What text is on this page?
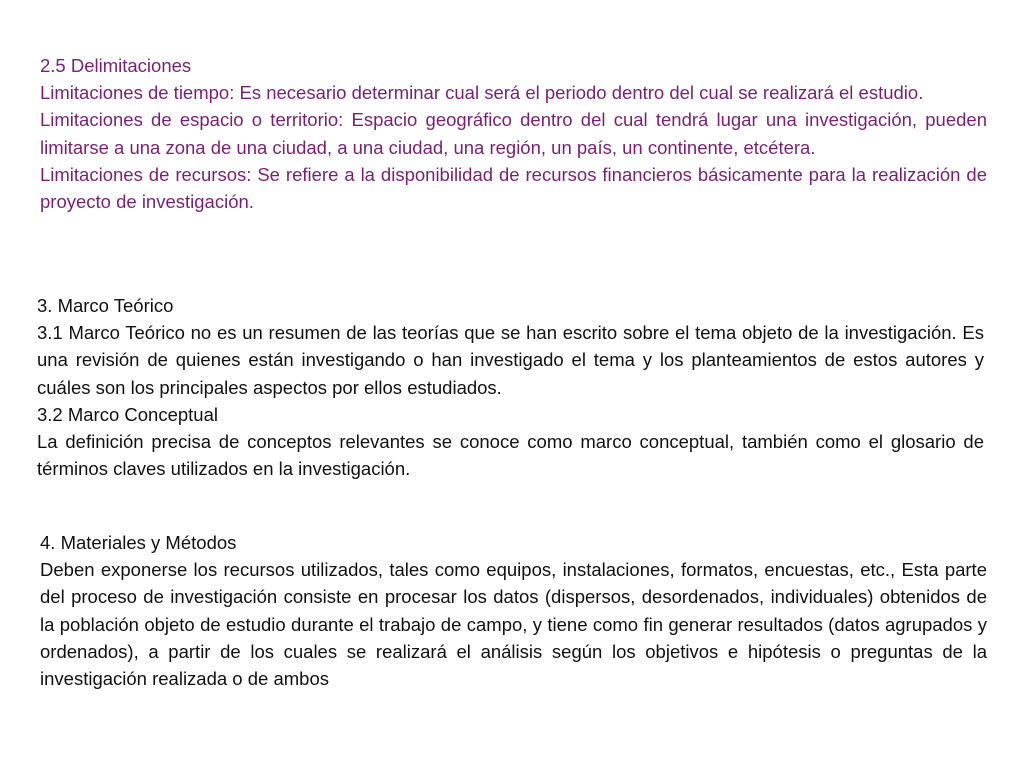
2.5 Delimitaciones

Limitaciones de tiempo: Es necesario determinar cual será el periodo dentro del cual se realizará el estudio.

Limitaciones de espacio o territorio: Espacio geográfico dentro del cual tendrá lugar una investigación, pueden limitarse a una zona de una ciudad, a una ciudad, una región, un país, un continente, etcétera.

Limitaciones de recursos: Se refiere a la disponibilidad de recursos financieros básicamente para la realización de proyecto de investigación.

3. Marco Teórico

3.1 Marco Teórico no es un resumen de las teorías que se han escrito sobre el tema objeto de la investigación. Es una revisión de quienes están investigando o han investigado el tema y los planteamientos de estos autores y cuáles son los principales aspectos por ellos estudiados.

3.2 Marco Conceptual

La definición precisa de conceptos relevantes se conoce como marco conceptual, también como el glosario de términos claves utilizados en la investigación.

4. Materiales y Métodos

Deben exponerse los recursos utilizados, tales como equipos, instalaciones, formatos, encuestas, etc., Esta parte del proceso de investigación consiste en procesar los datos (dispersos, desordenados, individuales) obtenidos de la población objeto de estudio durante el trabajo de campo, y tiene como fin generar resultados (datos agrupados y ordenados), a partir de los cuales se realizará el análisis según los objetivos e hipótesis o preguntas de la investigación realizada o de ambos
